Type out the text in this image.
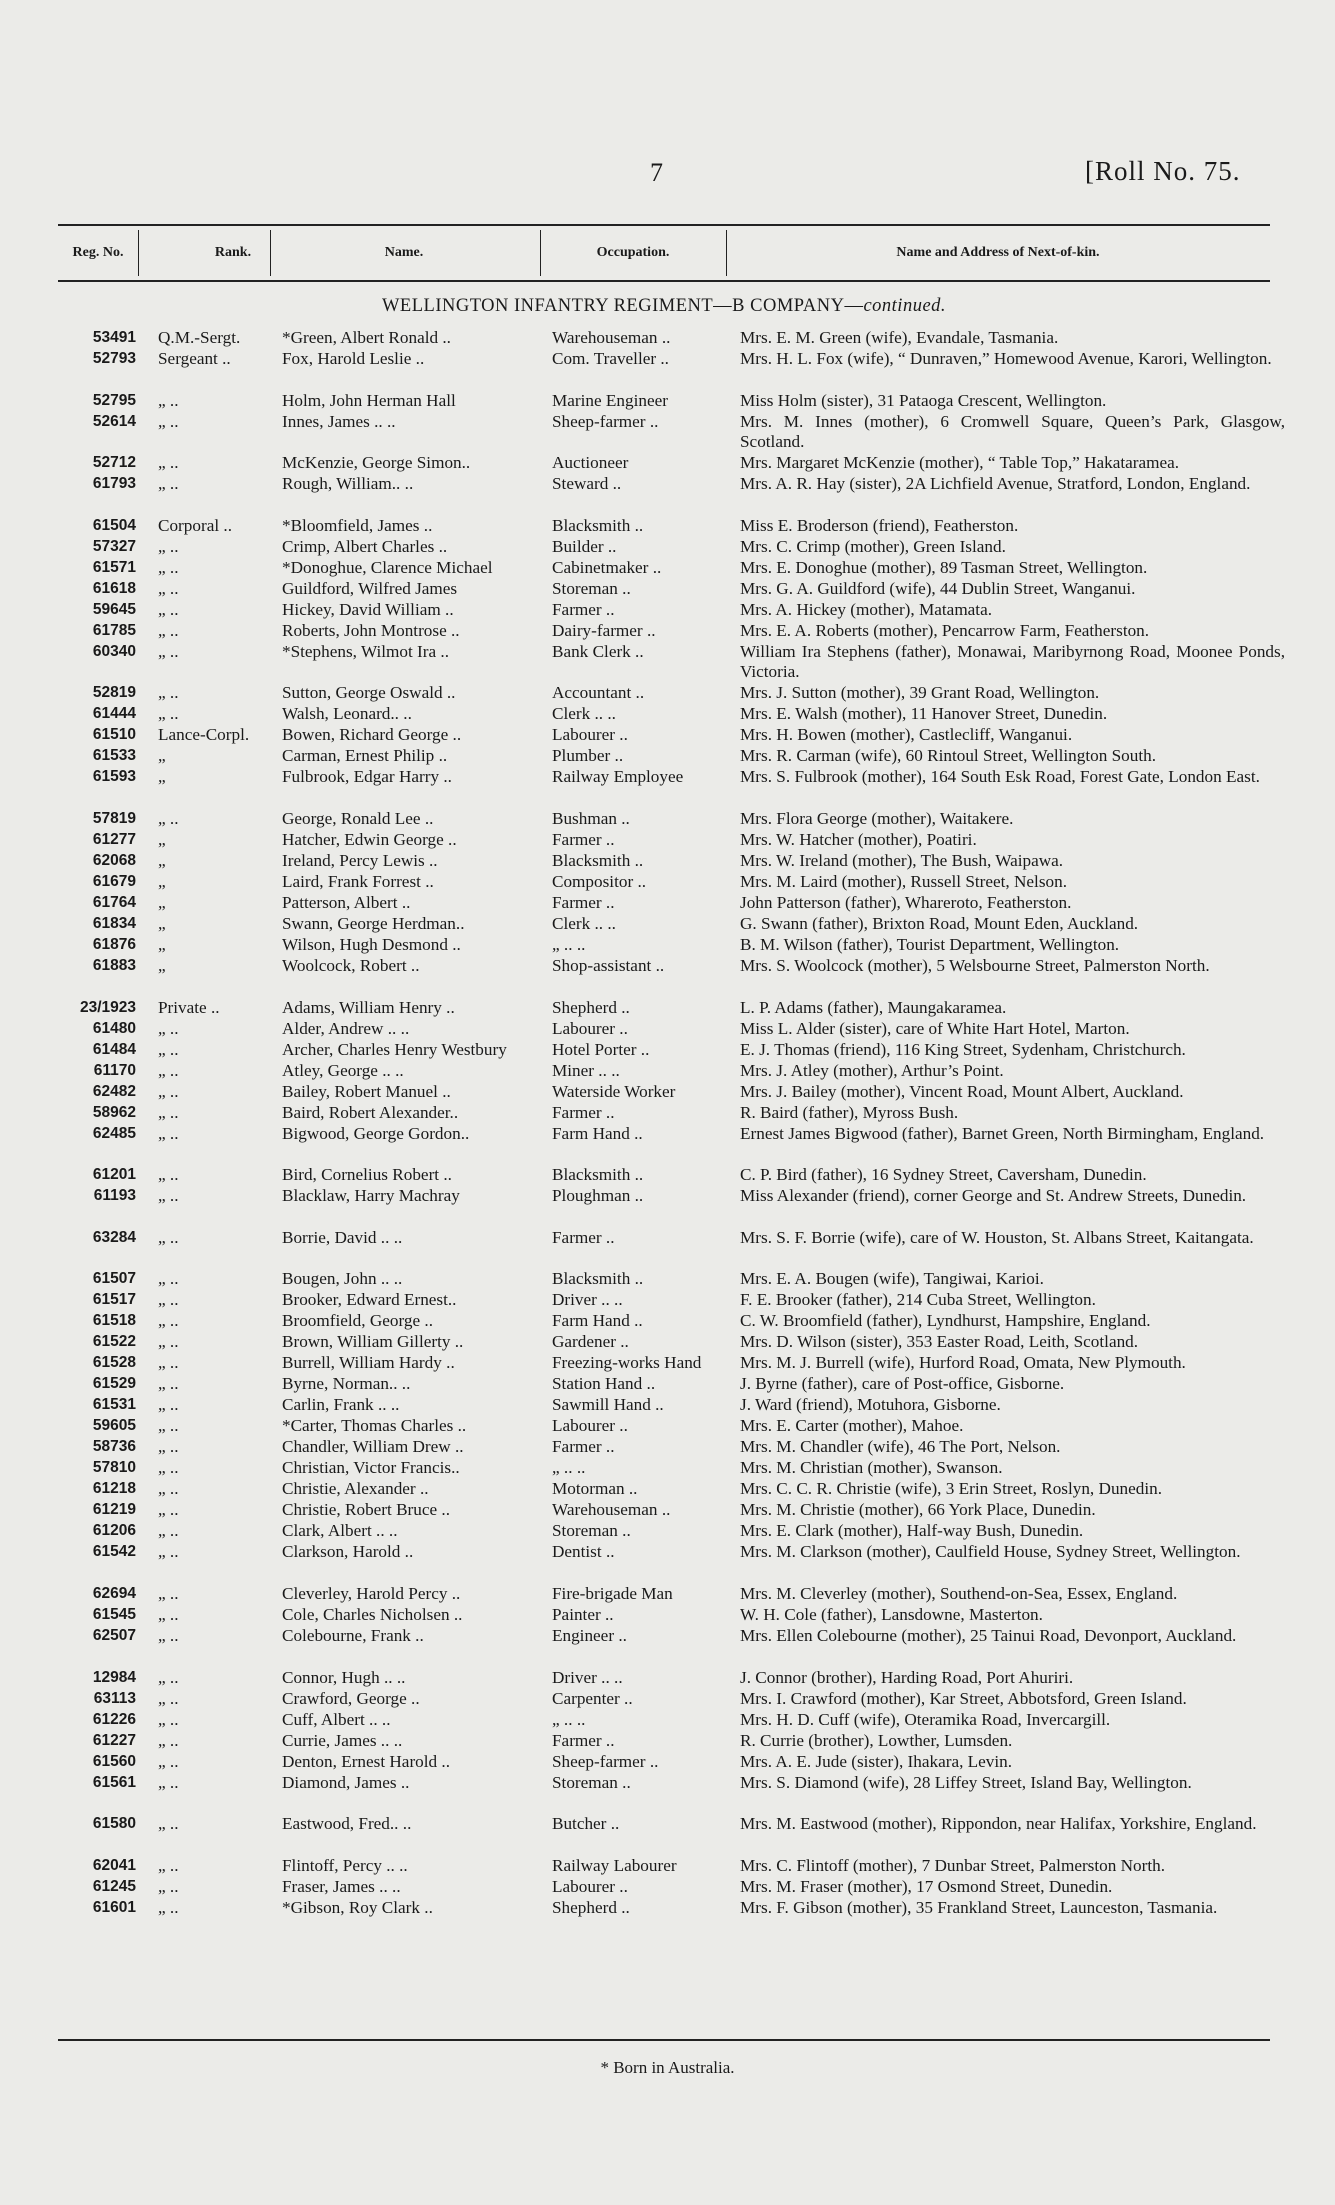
7	[Roll No. 75.
Reg. No.	Rank.	Name.	Occupation.	Name and Address of Next-of-kin.
WELLINGTON INFANTRY REGIMENT—B COMPANY—continued.
53491 Q.M.-Sergt.	*Green, Albert Ronald ..	Warehouseman ..	Mrs. E. M. Green (wife), Evandale, Tasmania.
52793 Sergeant ..	Fox, Harold Leslie ..	Com. Traveller ..	Mrs. H. L. Fox (wife), “ Dunraven,” Homewood Avenue, Karori, Wellington.
52795 „ ..	Holm, John Herman Hall	Marine Engineer	Miss Holm (sister), 31 Pataoga Crescent, Wellington.
52614 „ ..	Innes, James .. ..	Sheep-farmer ..	Mrs. M. Innes (mother), 6 Cromwell Square, Queen’s Park, Glasgow, Scotland.
52712 „ ..	McKenzie, George Simon..	Auctioneer	Mrs. Margaret McKenzie (mother), “ Table Top,” Hakataramea.
61793 „ ..	Rough, William.. ..	Steward ..	Mrs. A. R. Hay (sister), 2A Lichfield Avenue, Stratford, London, England.
61504 Corporal ..	*Bloomfield, James ..	Blacksmith ..	Miss E. Broderson (friend), Featherston.
57327 „ ..	Crimp, Albert Charles ..	Builder ..	Mrs. C. Crimp (mother), Green Island.
61571 „ ..	*Donoghue, Clarence Michael	Cabinetmaker ..	Mrs. E. Donoghue (mother), 89 Tasman Street, Wellington.
61618 „ ..	Guildford, Wilfred James	Storeman ..	Mrs. G. A. Guildford (wife), 44 Dublin Street, Wanganui.
59645 „ ..	Hickey, David William ..	Farmer ..	Mrs. A. Hickey (mother), Matamata.
61785 „ ..	Roberts, John Montrose ..	Dairy-farmer ..	Mrs. E. A. Roberts (mother), Pencarrow Farm, Featherston.
60340 „ ..	*Stephens, Wilmot Ira ..	Bank Clerk ..	William Ira Stephens (father), Monawai, Maribyrnong Road, Moonee Ponds, Victoria.
52819 „ ..	Sutton, George Oswald ..	Accountant ..	Mrs. J. Sutton (mother), 39 Grant Road, Wellington.
61444 „ ..	Walsh, Leonard.. ..	Clerk .. ..	Mrs. E. Walsh (mother), 11 Hanover Street, Dunedin.
61510 Lance-Corpl.	Bowen, Richard George ..	Labourer ..	Mrs. H. Bowen (mother), Castlecliff, Wanganui.
61533 „	Carman, Ernest Philip ..	Plumber ..	Mrs. R. Carman (wife), 60 Rintoul Street, Wellington South.
61593 „	Fulbrook, Edgar Harry ..	Railway Employee	Mrs. S. Fulbrook (mother), 164 South Esk Road, Forest Gate, London East.
57819 „ ..	George, Ronald Lee ..	Bushman ..	Mrs. Flora George (mother), Waitakere.
61277 „	Hatcher, Edwin George ..	Farmer ..	Mrs. W. Hatcher (mother), Poatiri.
62068 „	Ireland, Percy Lewis ..	Blacksmith ..	Mrs. W. Ireland (mother), The Bush, Waipawa.
61679 „	Laird, Frank Forrest ..	Compositor ..	Mrs. M. Laird (mother), Russell Street, Nelson.
61764 „	Patterson, Albert ..	Farmer ..	John Patterson (father), Whareroto, Featherston.
61834 „	Swann, George Herdman..	Clerk .. ..	G. Swann (father), Brixton Road, Mount Eden, Auckland.
61876 „	Wilson, Hugh Desmond ..	„ .. ..	B. M. Wilson (father), Tourist Department, Wellington.
61883 „	Woolcock, Robert ..	Shop-assistant ..	Mrs. S. Woolcock (mother), 5 Welsbourne Street, Palmerston North.
23/1923 Private ..	Adams, William Henry ..	Shepherd ..	L. P. Adams (father), Maungakaramea.
61480 „ ..	Alder, Andrew .. ..	Labourer ..	Miss L. Alder (sister), care of White Hart Hotel, Marton.
61484 „ ..	Archer, Charles Henry Westbury	Hotel Porter ..	E. J. Thomas (friend), 116 King Street, Sydenham, Christchurch.
61170 „ ..	Atley, George .. ..	Miner .. ..	Mrs. J. Atley (mother), Arthur’s Point.
62482 „ ..	Bailey, Robert Manuel ..	Waterside Worker	Mrs. J. Bailey (mother), Vincent Road, Mount Albert, Auckland.
58962 „ ..	Baird, Robert Alexander..	Farmer ..	R. Baird (father), Myross Bush.
62485 „ ..	Bigwood, George Gordon..	Farm Hand ..	Ernest James Bigwood (father), Barnet Green, North Birmingham, England.
61201 „ ..	Bird, Cornelius Robert ..	Blacksmith ..	C. P. Bird (father), 16 Sydney Street, Caversham, Dunedin.
61193 „ ..	Blacklaw, Harry Machray	Ploughman ..	Miss Alexander (friend), corner George and St. Andrew Streets, Dunedin.
63284 „ ..	Borrie, David .. ..	Farmer ..	Mrs. S. F. Borrie (wife), care of W. Houston, St. Albans Street, Kaitangata.
61507 „ ..	Bougen, John .. ..	Blacksmith ..	Mrs. E. A. Bougen (wife), Tangiwai, Karioi.
61517 „ ..	Brooker, Edward Ernest..	Driver .. ..	F. E. Brooker (father), 214 Cuba Street, Wellington.
61518 „ ..	Broomfield, George ..	Farm Hand ..	C. W. Broomfield (father), Lyndhurst, Hampshire, England.
61522 „ ..	Brown, William Gillerty ..	Gardener ..	Mrs. D. Wilson (sister), 353 Easter Road, Leith, Scotland.
61528 „ ..	Burrell, William Hardy ..	Freezing-works Hand	Mrs. M. J. Burrell (wife), Hurford Road, Omata, New Plymouth.
61529 „ ..	Byrne, Norman.. ..	Station Hand ..	J. Byrne (father), care of Post-office, Gisborne.
61531 „ ..	Carlin, Frank .. ..	Sawmill Hand ..	J. Ward (friend), Motuhora, Gisborne.
59605 „ ..	*Carter, Thomas Charles ..	Labourer ..	Mrs. E. Carter (mother), Mahoe.
58736 „ ..	Chandler, William Drew ..	Farmer ..	Mrs. M. Chandler (wife), 46 The Port, Nelson.
57810 „ ..	Christian, Victor Francis..	„ .. ..	Mrs. M. Christian (mother), Swanson.
61218 „ ..	Christie, Alexander ..	Motorman ..	Mrs. C. C. R. Christie (wife), 3 Erin Street, Roslyn, Dunedin.
61219 „ ..	Christie, Robert Bruce ..	Warehouseman ..	Mrs. M. Christie (mother), 66 York Place, Dunedin.
61206 „ ..	Clark, Albert .. ..	Storeman ..	Mrs. E. Clark (mother), Half-way Bush, Dunedin.
61542 „ ..	Clarkson, Harold ..	Dentist ..	Mrs. M. Clarkson (mother), Caulfield House, Sydney Street, Wellington.
62694 „ ..	Cleverley, Harold Percy ..	Fire-brigade Man	Mrs. M. Cleverley (mother), Southend-on-Sea, Essex, England.
61545 „ ..	Cole, Charles Nicholsen ..	Painter ..	W. H. Cole (father), Lansdowne, Masterton.
62507 „ ..	Colebourne, Frank ..	Engineer ..	Mrs. Ellen Colebourne (mother), 25 Tainui Road, Devonport, Auckland.
12984 „ ..	Connor, Hugh .. ..	Driver .. ..	J. Connor (brother), Harding Road, Port Ahuriri.
63113 „ ..	Crawford, George ..	Carpenter ..	Mrs. I. Crawford (mother), Kar Street, Abbotsford, Green Island.
61226 „ ..	Cuff, Albert .. ..	„ .. ..	Mrs. H. D. Cuff (wife), Oteramika Road, Invercargill.
61227 „ ..	Currie, James .. ..	Farmer ..	R. Currie (brother), Lowther, Lumsden.
61560 „ ..	Denton, Ernest Harold ..	Sheep-farmer ..	Mrs. A. E. Jude (sister), Ihakara, Levin.
61561 „ ..	Diamond, James ..	Storeman ..	Mrs. S. Diamond (wife), 28 Liffey Street, Island Bay, Wellington.
61580 „ ..	Eastwood, Fred.. ..	Butcher ..	Mrs. M. Eastwood (mother), Rippondon, near Halifax, Yorkshire, England.
62041 „ ..	Flintoff, Percy .. ..	Railway Labourer	Mrs. C. Flintoff (mother), 7 Dunbar Street, Palmerston North.
61245 „ ..	Fraser, James .. ..	Labourer ..	Mrs. M. Fraser (mother), 17 Osmond Street, Dunedin.
61601 „ ..	*Gibson, Roy Clark ..	Shepherd ..	Mrs. F. Gibson (mother), 35 Frankland Street, Launceston, Tasmania.
* Born in Australia.
